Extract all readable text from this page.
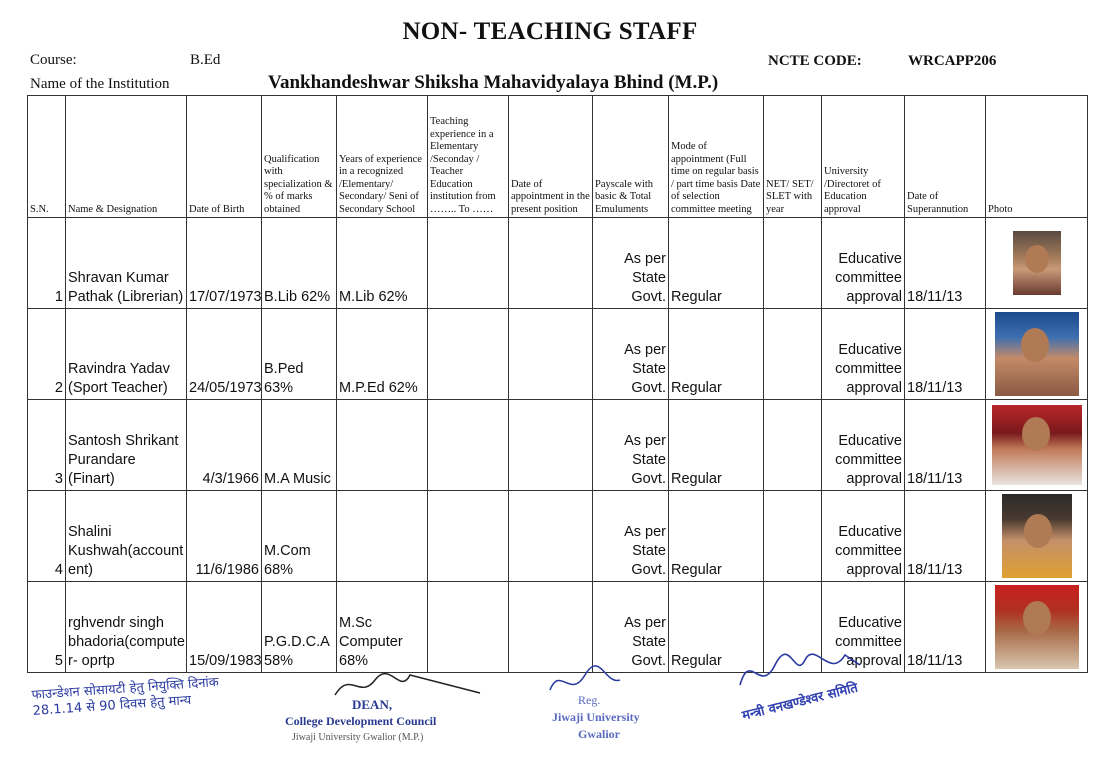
NON- TEACHING STAFF
Course:	B.Ed	NCTE CODE:	WRCAPP206
Name of the Institution	Vankhandeshwar Shiksha Mahavidyalaya Bhind (M.P.)
S.N.	Name & Designation	Date of Birth	Qualification with specialization & % of marks obtained	Years of experience in a recognized /Elementary/ Secondary/ Seni of Secondary School	Teaching experience in a Elementary /Seconday / Teacher Education institution from …….. To ……	Date of appointment in the present position	Payscale with basic & Total Emuluments	Mode of appointment (Full time on regular basis / part time basis Date of selection committee meeting	NET/ SET/ SLET with year	University /Directoret of Education approval	Date of Superannution	Photo
1	Shravan Kumar Pathak (Librerian)	17/07/1973	B.Lib 62%	M.Lib 62%			As per State Govt.	Regular		Educative committee approval	18/11/13	

2	Ravindra Yadav (Sport Teacher)	24/05/1973	B.Ped 63%	M.P.Ed 62%			As per State Govt.	Regular		Educative committee approval	18/11/13	

3	Santosh Shrikant Purandare (Finart)	4/3/1966	M.A Music				As per State Govt.	Regular		Educative committee approval	18/11/13	

4	Shalini Kushwah(account ent)	11/6/1986	M.Com 68%				As per State Govt.	Regular		Educative committee approval	18/11/13	

5	rghvendr singh bhadoria(compute r- oprtp	15/09/1983	P.G.D.C.A 58%	M.Sc Computer 68%			As per State Govt.	Regular		Educative committee approval	18/11/13	
फाउन्डेशन सोसायटी हेतु नियुक्ति दिनांक 28.1.14 से 90 दिवस हेतु मान्य	DEAN,
College Development Council
Jiwaji University Gwalior (M.P.)
Reg.
Jiwaji University
Gwalior
मन्त्री वनखण्डेश्वर समिति
